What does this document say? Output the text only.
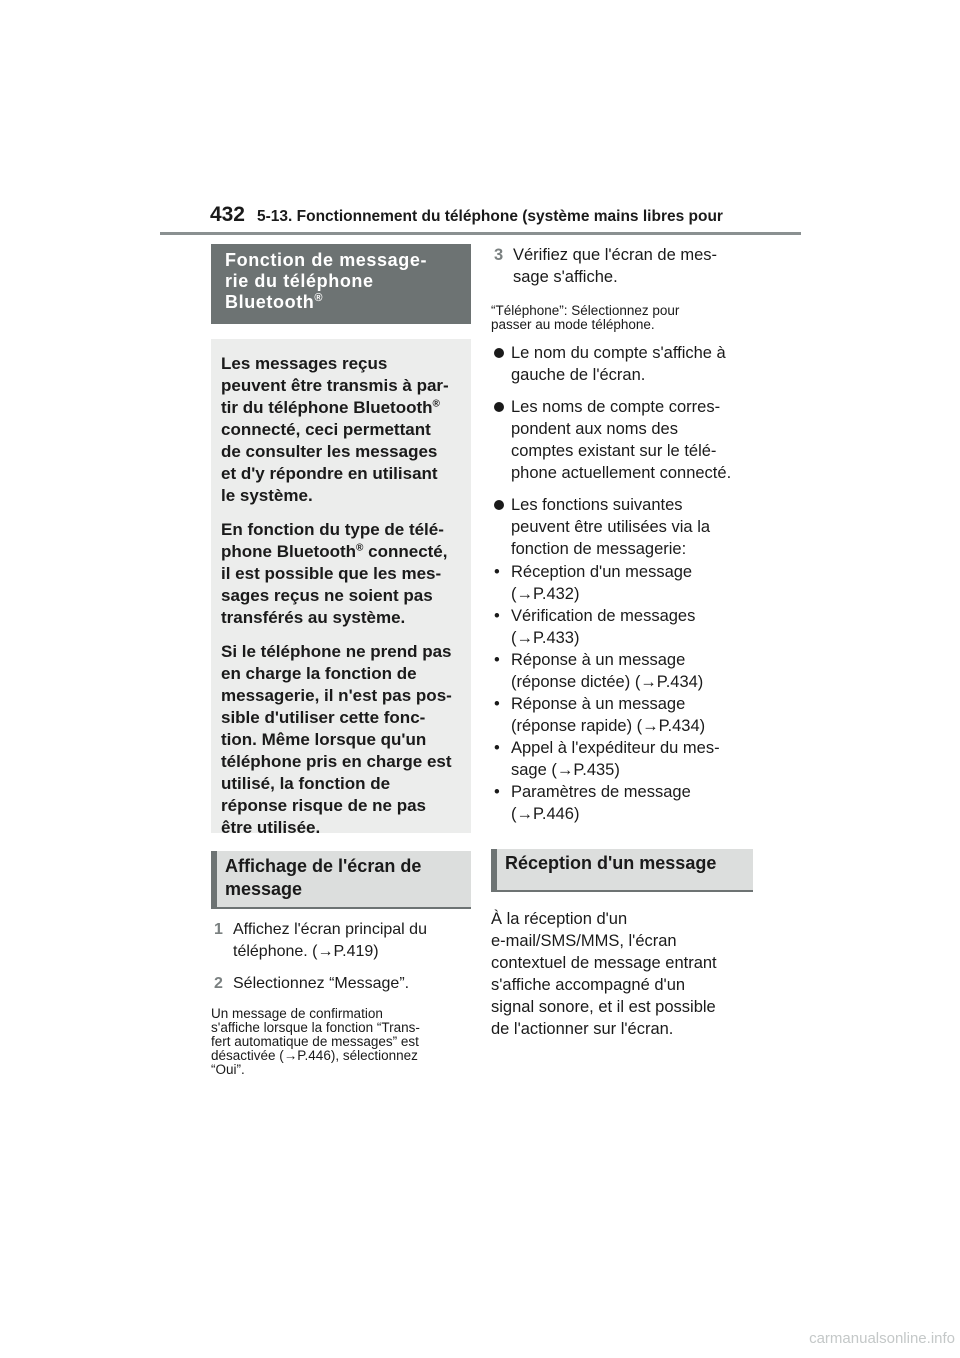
432 5-13. Fonctionnement du téléphone (système mains libres pour
Fonction de message-
rie du téléphone
Bluetooth®

Les messages reçus
peuvent être transmis à par-
tir du téléphone Bluetooth®
connecté, ceci permettant
de consulter les messages
et d'y répondre en utilisant
le système.

En fonction du type de télé-
phone Bluetooth® connecté,
il est possible que les mes-
sages reçus ne soient pas
transférés au système.

Si le téléphone ne prend pas
en charge la fonction de
messagerie, il n'est pas pos-
sible d'utiliser cette fonc-
tion. Même lorsque qu'un
téléphone pris en charge est
utilisé, la fonction de
réponse risque de ne pas
être utilisée.

Affichage de l'écran de
message
1 Affichez l'écran principal du
téléphone. (→P.419)
2 Sélectionnez “Message”.
Un message de confirmation
s'affiche lorsque la fonction “Trans-
fert automatique de messages” est
désactivée (→P.446), sélectionnez
“Oui”.
3 Vérifiez que l'écran de mes-
sage s'affiche.
“Téléphone”: Sélectionnez pour
passer au mode téléphone.
Le nom du compte s'affiche à
gauche de l'écran.
Les noms de compte corres-
pondent aux noms des
comptes existant sur le télé-
phone actuellement connecté.
Les fonctions suivantes
peuvent être utilisées via la
fonction de messagerie:
• Réception d'un message
(→P.432)
• Vérification de messages
(→P.433)
• Réponse à un message
(réponse dictée) (→P.434)
• Réponse à un message
(réponse rapide) (→P.434)
• Appel à l'expéditeur du mes-
sage (→P.435)
• Paramètres de message
(→P.446)
Réception d'un message
À la réception d'un
e-mail/SMS/MMS, l'écran
contextuel de message entrant
s'affiche accompagné d'un
signal sonore, et il est possible
de l'actionner sur l'écran.
carmanualsonline.info
